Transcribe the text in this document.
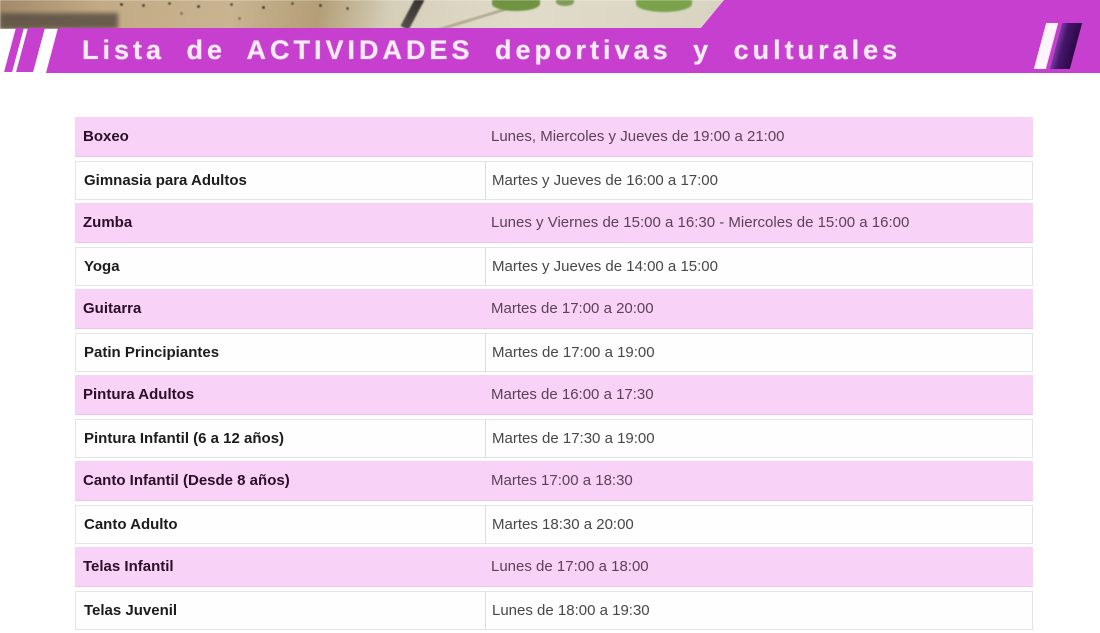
Lista de ACTIVIDADES deportivas y culturales
Boxeo	Lunes, Miercoles y Jueves de 19:00 a 21:00
Gimnasia para Adultos	Martes y Jueves de 16:00 a 17:00
Zumba	Lunes y Viernes de 15:00 a 16:30 - Miercoles de 15:00 a 16:00
Yoga	Martes y Jueves de 14:00 a 15:00
Guitarra	Martes de 17:00 a 20:00
Patin Principiantes	Martes de 17:00 a 19:00
Pintura Adultos	Martes de 16:00 a 17:30
Pintura Infantil (6 a 12 años)	Martes de 17:30 a 19:00
Canto Infantil (Desde 8 años)	Martes 17:00 a 18:30
Canto Adulto	Martes 18:30 a 20:00
Telas Infantil	Lunes de 17:00 a 18:00
Telas Juvenil	Lunes de 18:00 a 19:30
